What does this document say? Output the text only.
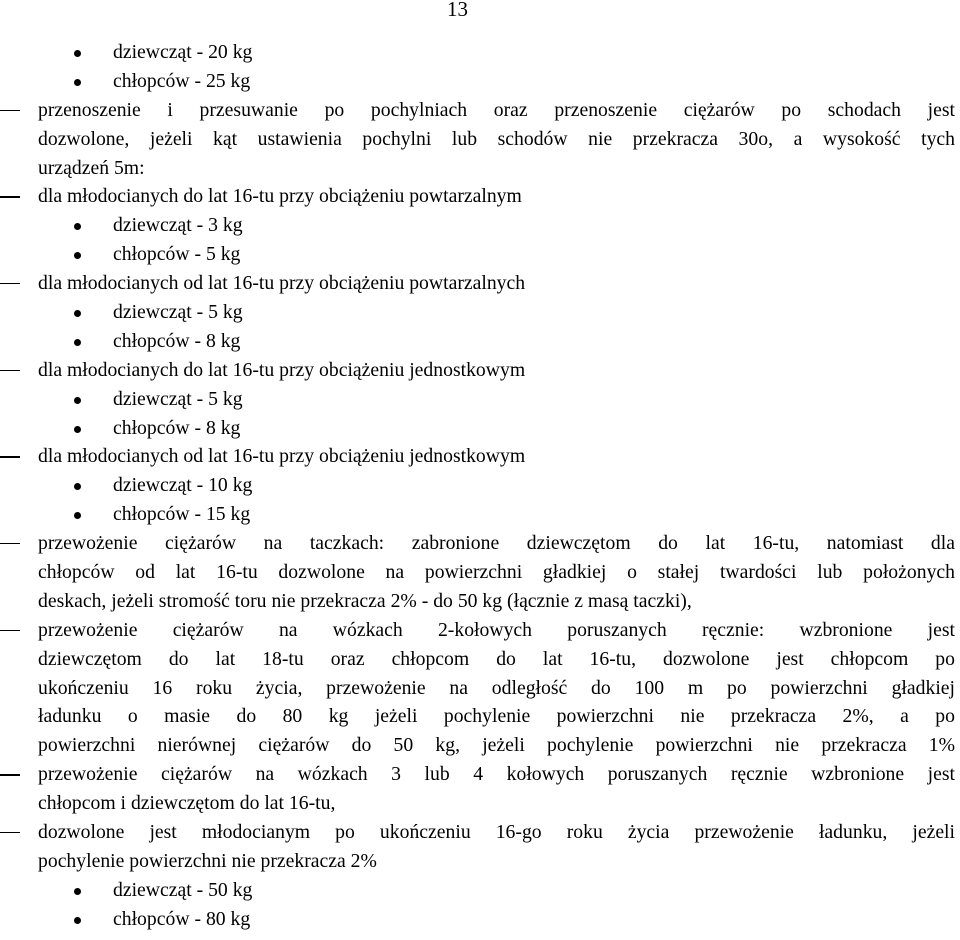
13
dziewcząt - 20 kg
chłopców - 25 kg
przenoszenie i przesuwanie po pochylniach oraz przenoszenie ciężarów po schodach jest
dozwolone, jeżeli kąt ustawienia pochylni lub schodów nie przekracza 30o, a wysokość tych
urządzeń 5m:
dla młodocianych do lat 16-tu przy obciążeniu powtarzalnym
dziewcząt - 3 kg
chłopców - 5 kg
dla młodocianych od lat 16-tu przy obciążeniu powtarzalnych
dziewcząt - 5 kg
chłopców - 8 kg
dla młodocianych do lat 16-tu przy obciążeniu jednostkowym
dziewcząt - 5 kg
chłopców - 8 kg
dla młodocianych od lat 16-tu przy obciążeniu jednostkowym
dziewcząt - 10 kg
chłopców - 15 kg
przewożenie ciężarów na taczkach: zabronione dziewczętom do lat 16-tu, natomiast dla
chłopców od lat 16-tu dozwolone na powierzchni gładkiej o stałej twardości lub położonych
deskach, jeżeli stromość toru nie przekracza 2% - do 50 kg (łącznie z masą taczki),
przewożenie ciężarów na wózkach 2-kołowych poruszanych ręcznie: wzbronione jest
dziewczętom do lat 18-tu oraz chłopcom do lat 16-tu, dozwolone jest chłopcom po
ukończeniu 16 roku życia, przewożenie na odległość do 100 m po powierzchni gładkiej
ładunku o masie do 80 kg jeżeli pochylenie powierzchni nie przekracza 2%, a po
powierzchni nierównej ciężarów do 50 kg, jeżeli pochylenie powierzchni nie przekracza 1%
przewożenie ciężarów na wózkach 3 lub 4 kołowych poruszanych ręcznie wzbronione jest
chłopcom i dziewczętom do lat 16-tu,
dozwolone jest młodocianym po ukończeniu 16-go roku życia przewożenie ładunku, jeżeli
pochylenie powierzchni nie przekracza 2%
dziewcząt - 50 kg
chłopców - 80 kg
